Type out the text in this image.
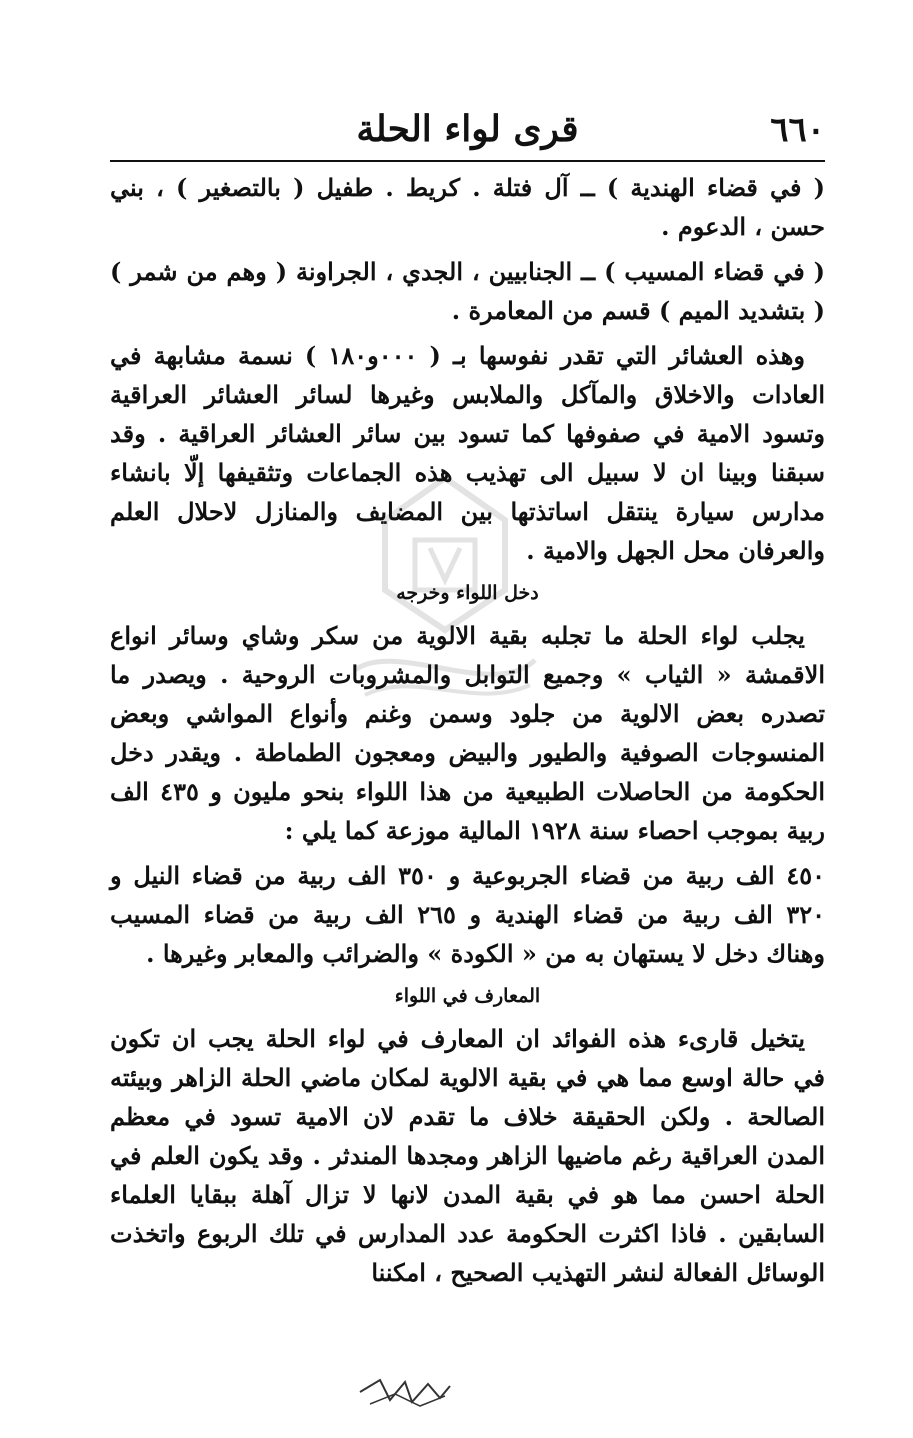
٦٦٠
قرى لواء الحلة

( في قضاء الهندية ) ــ آل فتلة . كريط . طفيل ( بالتصغير ) ، بني حسن ، الدعوم .

( في قضاء المسيب ) ــ الجنابيين ، الجدي ، الجراونة ( وهم من شمر ) ( بتشديد الميم ) قسم من المعامرة .

وهذه العشائر التي تقدر نفوسها بـ ( ٠٠٠و١٨٠ ) نسمة مشابهة في العادات والاخلاق والمآكل والملابس وغيرها لسائر العشائر العراقية وتسود الامية في صفوفها كما تسود بين سائر العشائر العراقية . وقد سبقنا وبينا ان لا سبيل الى تهذيب هذه الجماعات وتثقيفها إلّا بانشاء مدارس سيارة ينتقل اساتذتها بين المضايف والمنازل لاحلال العلم والعرفان محل الجهل والامية .

دخل اللواء وخرجه

يجلب لواء الحلة ما تجلبه بقية الالوية من سكر وشاي وسائر انواع الاقمشة « الثياب » وجميع التوابل والمشروبات الروحية . ويصدر ما تصدره بعض الالوية من جلود وسمن وغنم وأنواع المواشي وبعض المنسوجات الصوفية والطيور والبيض ومعجون الطماطة . ويقدر دخل الحكومة من الحاصلات الطبيعية من هذا اللواء بنحو مليون و ٤٣٥ الف ربية بموجب احصاء سنة ١٩٢٨ المالية موزعة كما يلي :

٤٥٠ الف ربية من قضاء الجربوعية و ٣٥٠ الف ربية من قضاء النيل و ٣٢٠ الف ربية من قضاء الهندية و ٢٦٥ الف ربية من قضاء المسيب وهناك دخل لا يستهان به من « الكودة » والضرائب والمعابر وغيرها .

المعارف في اللواء

يتخيل قارىء هذه الفوائد ان المعارف في لواء الحلة يجب ان تكون في حالة اوسع مما هي في بقية الالوية لمكان ماضي الحلة الزاهر وبيئته الصالحة . ولكن الحقيقة خلاف ما تقدم لان الامية تسود في معظم المدن العراقية رغم ماضيها الزاهر ومجدها المندثر . وقد يكون العلم في الحلة احسن مما هو في بقية المدن لانها لا تزال آهلة ببقايا العلماء السابقين . فاذا اكثرت الحكومة عدد المدارس في تلك الربوع واتخذت الوسائل الفعالة لنشر التهذيب الصحيح ، امكننا
